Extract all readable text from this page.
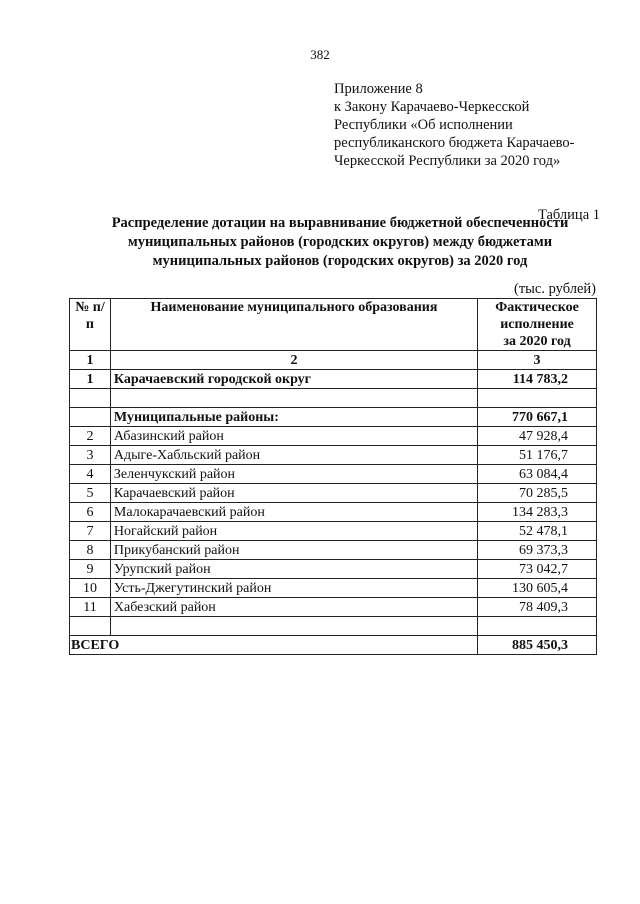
382
Приложение 8
к Закону Карачаево-Черкесской
Республики «Об исполнении
республиканского бюджета Карачаево-
Черкесской Республики за 2020 год»
Таблица 1
Распределение дотации на выравнивание бюджетной обеспеченности
муниципальных районов (городских округов) между бюджетами
муниципальных районов (городских округов) за 2020 год
(тыс. рублей)
№ п/п	Наименование муниципального образования	Фактическое
исполнение
за 2020 год

1	2	3
1	Карачаевский городской округ	114 783,2

	Муниципальные районы:	770 667,1
2	Абазинский район	47 928,4
3	Адыге-Хабльский район	51 176,7
4	Зеленчукский район	63 084,4
5	Карачаевский район	70 285,5
6	Малокарачаевский район	134 283,3
7	Ногайский район	52 478,1
8	Прикубанский район	69 373,3
9	Урупский район	73 042,7
10	Усть-Джегутинский район	130 605,4
11	Хабезский район	78 409,3

ВСЕГО		885 450,3
